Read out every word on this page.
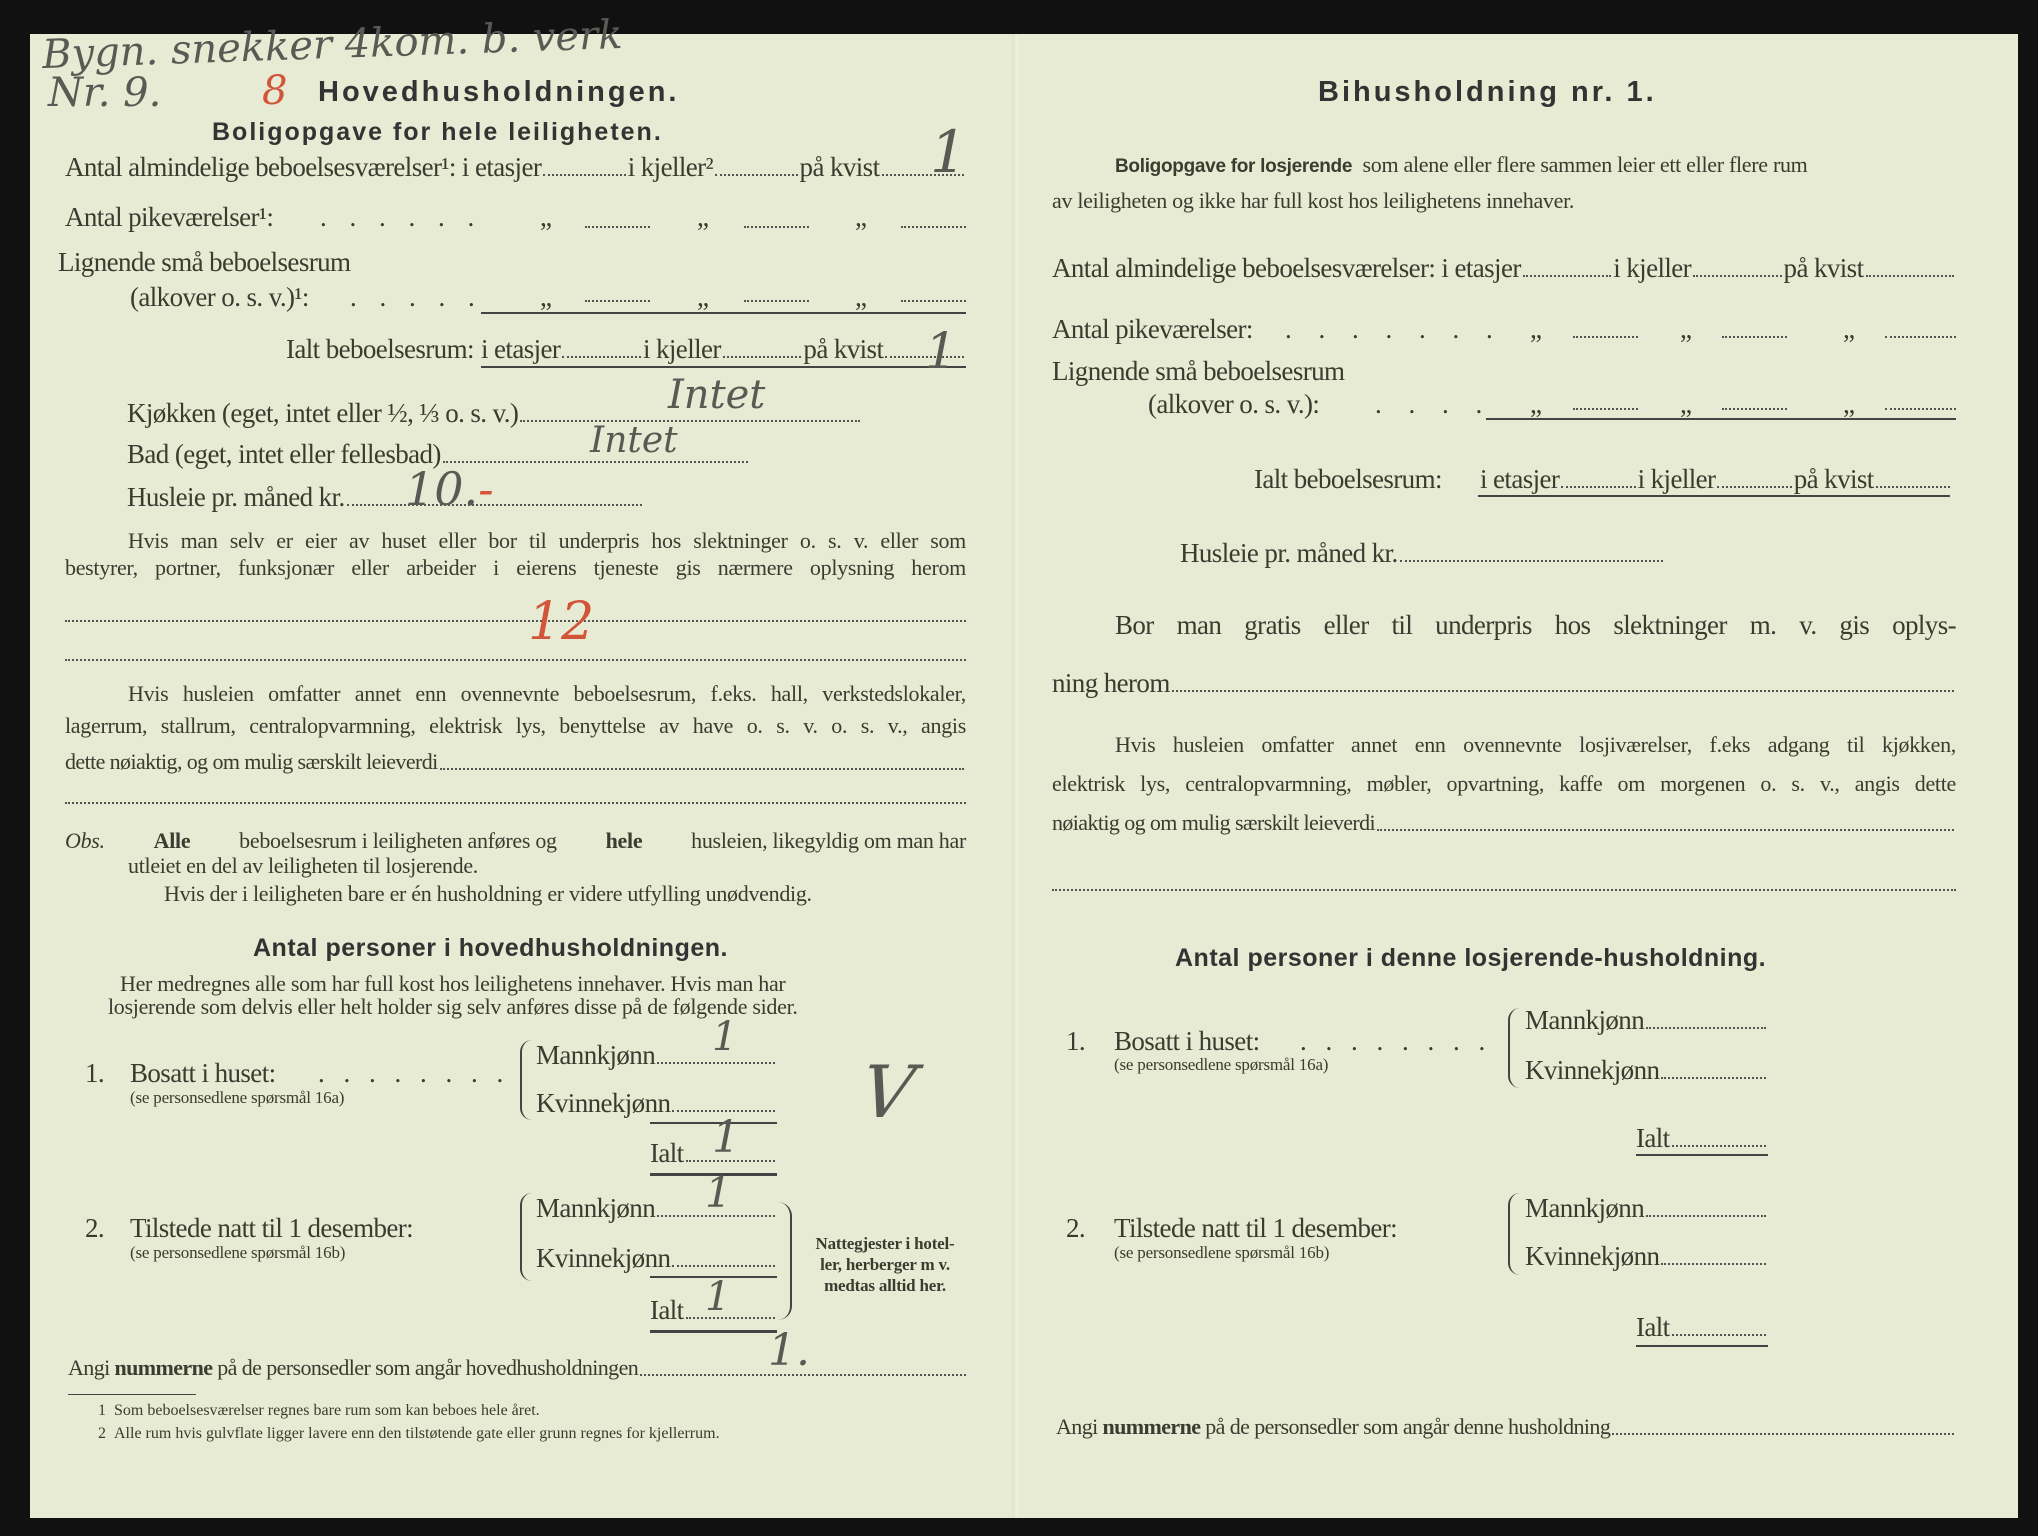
Bygn. snekker 4kom. b. verk
Nr. 9.	8 Hovedhusholdningen.
Boligopgave for hele leiligheten.
Antal almindelige beboelsesværelser¹: i etasjer	i kjeller²	på kvist 1
Antal pikeværelser¹: . . . . . . „	„	„
Lignende små beboelsesrum
(alkover o. s. v.)¹: . . . . . „	„	„
Ialt beboelsesrum: i etasjer	i kjeller	på kvist 1
Kjøkken (eget, intet eller ½, ⅓ o. s. v.)	Intet
Bad (eget, intet eller fellesbad)	Intet
Husleie pr. måned kr. 10.-
Hvis man selv er eier av huset eller bor til underpris hos slektninger o. s. v. eller som
bestyrer, portner, funksjonær eller arbeider i eierens tjeneste gis nærmere oplysning herom
12
Hvis husleien omfatter annet enn ovennevnte beboelsesrum, f.eks. hall, verkstedslokaler,
lagerrum, stallrum, centralopvarmning, elektrisk lys, benyttelse av have o. s. v. o. s. v., angis
dette nøiaktig, og om mulig særskilt leieverdi
Obs. Alle beboelsesrum i leiligheten anføres og hele husleien, likegyldig om man har
utleiet en del av leiligheten til losjerende.
Hvis der i leiligheten bare er én husholdning er videre utfylling unødvendig.
Antal personer i hovedhusholdningen.
Her medregnes alle som har full kost hos leilighetens innehaver. Hvis man har
losjerende som delvis eller helt holder sig selv anføres disse på de følgende sider.
1. Bosatt i huset: . . . . . . . .
(se personsedlene spørsmål 16a)
Mannkjønn 1
Kvinnekjønn
Ialt 1
V
2. Tilstede natt til 1 desember:
(se personsedlene spørsmål 16b)
Mannkjønn 1
Kvinnekjønn
Ialt 1
Nattegjester i hotel-
ler, herberger m v.
medtas alltid her.
Angi
nummerne
på de personsedler som angår hovedhusholdningen	1.
1 Som beboelsesværelser regnes bare rum som kan beboes hele året.
2 Alle rum hvis gulvflate ligger lavere enn den tilstøtende gate eller grunn regnes for kjellerrum.
Bihusholdning nr. 1.
Boligopgave for losjerende som alene eller flere sammen leier ett eller flere rum
av leiligheten og ikke har full kost hos leilighetens innehaver.
Antal almindelige beboelsesværelser: i etasjer	i kjeller	på kvist
Antal pikeværelser: . . . . . . . „	„	„
Lignende små beboelsesrum
(alkover o. s. v.): . . . . „	„	„
Ialt beboelsesrum: i etasjer	i kjeller	på kvist
Husleie pr. måned kr.
Bor man gratis eller til underpris hos slektninger m. v. gis oplys-
ning herom
Hvis husleien omfatter annet enn ovennevnte losjiværelser, f.eks adgang til kjøkken,
elektrisk lys, centralopvarmning, møbler, opvartning, kaffe om morgenen o. s. v., angis dette
nøiaktig og om mulig særskilt leieverdi
Antal personer i denne losjerende-husholdning.
1. Bosatt i huset: . . . . . . . .
(se personsedlene spørsmål 16a)
Mannkjønn
Kvinnekjønn
Ialt
2. Tilstede natt til 1 desember:
(se personsedlene spørsmål 16b)
Mannkjønn
Kvinnekjønn
Ialt
Angi
nummerne
på de personsedler som angår denne husholdning
